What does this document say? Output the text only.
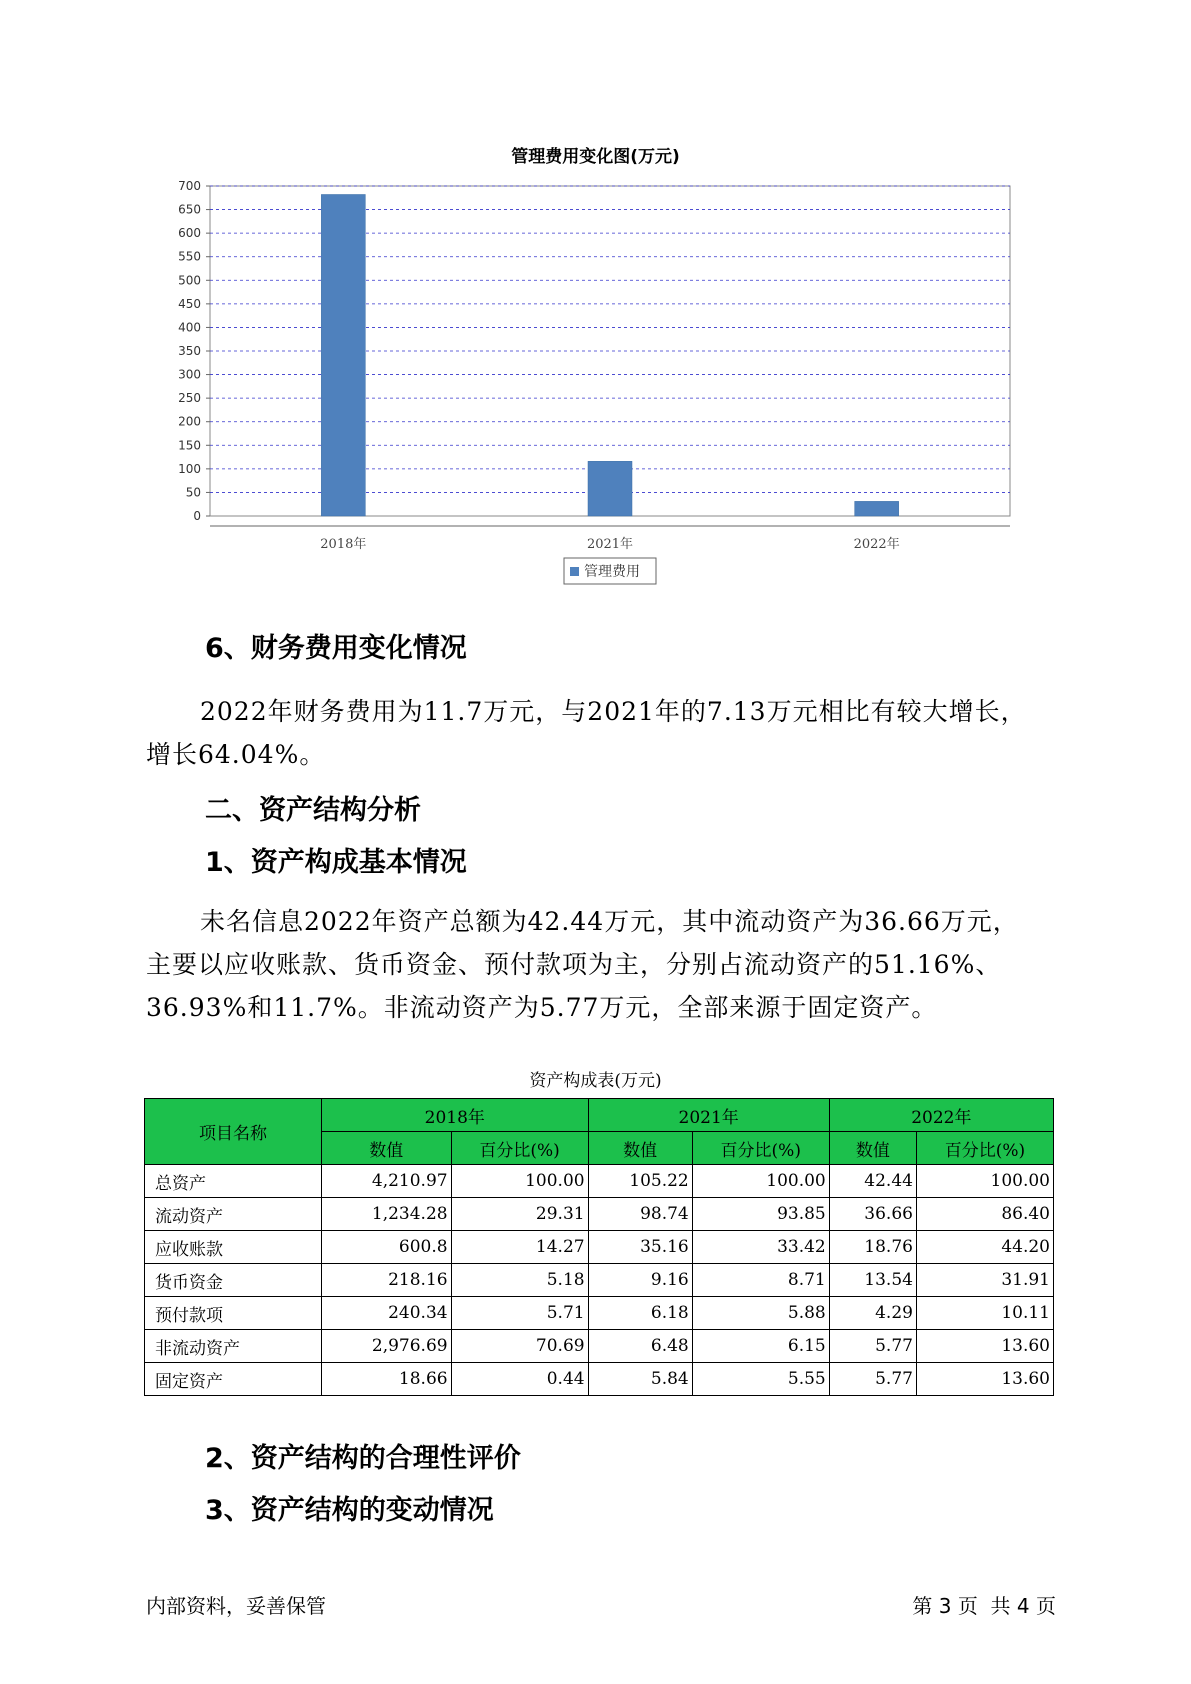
管理费用变化图(万元)
0
50
100
150
200
250
300
350
400
450
500
550
600
650
700
2018年	2021年	2022年
管理费用
6、财务费用变化情况
2022年财务费用为11.7万元，与2021年的7.13万元相比有较大增长，
增长64.04%。
二、资产结构分析
1、资产构成基本情况
未名信息2022年资产总额为42.44万元，其中流动资产为36.66万元，
主要以应收账款、货币资金、预付款项为主，分别占流动资产的51.16%、
36.93%和11.7%。非流动资产为5.77万元，全部来源于固定资产。
资产构成表(万元)
项目名称	2018年		2021年		2022年	
	数值	百分比(%)	数值	百分比(%)	数值	百分比(%)
总资产	4,210.97	100.00	105.22	100.00	42.44	100.00
流动资产	1,234.28	29.31	98.74	93.85	36.66	86.40
应收账款	600.8	14.27	35.16	33.42	18.76	44.20
货币资金	218.16	5.18	9.16	8.71	13.54	31.91
预付款项	240.34	5.71	6.18	5.88	4.29	10.11
非流动资产	2,976.69	70.69	6.48	6.15	5.77	13.60
固定资产	18.66	0.44	5.84	5.55	5.77	13.60
2、资产结构的合理性评价
3、资产结构的变动情况
内部资料，妥善保管	第 3 页  共 4 页
